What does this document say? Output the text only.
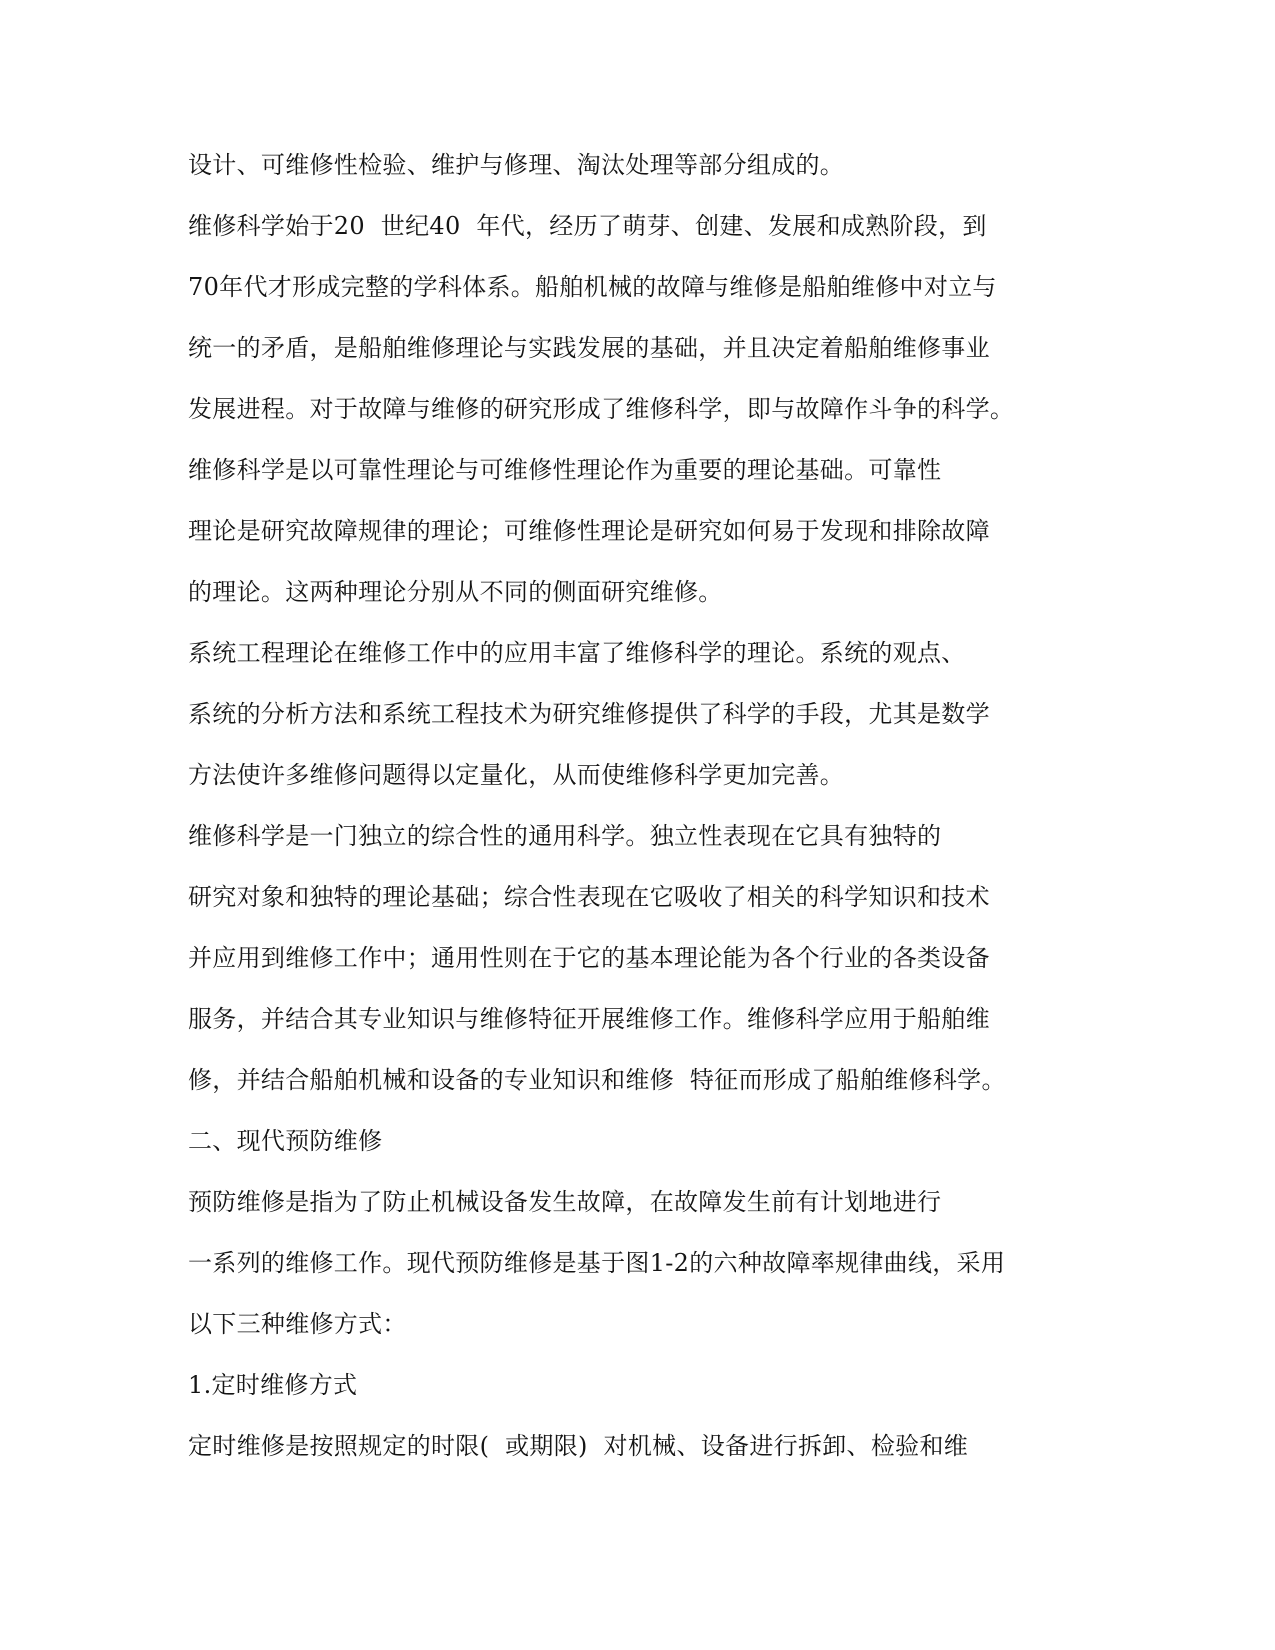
设计、可维修性检验、维护与修理、淘汰处理等部分组成的。
维修科学始于20  世纪40  年代，经历了萌芽、创建、发展和成熟阶段，到
70年代才形成完整的学科体系。船舶机械的故障与维修是船舶维修中对立与
统一的矛盾，是船舶维修理论与实践发展的基础，并且决定着船舶维修事业
发展进程。对于故障与维修的研究形成了维修科学，即与故障作斗争的科学。
维修科学是以可靠性理论与可维修性理论作为重要的理论基础。可靠性
理论是研究故障规律的理论；可维修性理论是研究如何易于发现和排除故障
的理论。这两种理论分别从不同的侧面研究维修。
系统工程理论在维修工作中的应用丰富了维修科学的理论。系统的观点、
系统的分析方法和系统工程技术为研究维修提供了科学的手段，尤其是数学
方法使许多维修问题得以定量化，从而使维修科学更加完善。
维修科学是一门独立的综合性的通用科学。独立性表现在它具有独特的
研究对象和独特的理论基础；综合性表现在它吸收了相关的科学知识和技术
并应用到维修工作中；通用性则在于它的基本理论能为各个行业的各类设备
服务，并结合其专业知识与维修特征开展维修工作。维修科学应用于船舶维
修，并结合船舶机械和设备的专业知识和维修  特征而形成了船舶维修科学。
二、现代预防维修
预防维修是指为了防止机械设备发生故障，在故障发生前有计划地进行
一系列的维修工作。现代预防维修是基于图1-2的六种故障率规律曲线，采用
以下三种维修方式：
1.定时维修方式
定时维修是按照规定的时限(  或期限)  对机械、设备进行拆卸、检验和维
